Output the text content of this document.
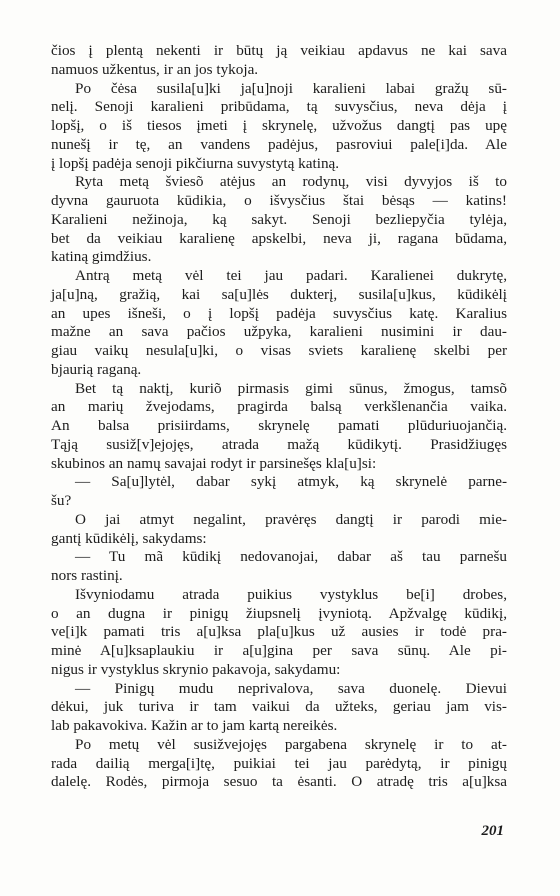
čios į plentą nekenti ir būtų ją veikiau apdavus ne kai sava
namuos užkentus, ir an jos tykoja.
Po čėsa susila[u]ki ja[u]noji karalieni labai gražų sū-
nelį. Senoji karalieni pribūdama, tą suvysčius, neva dėja į
lopšį, o iš tiesos įmeti į skrynelę, užvožus dangtį pas upę
nunešį ir tę, an vandens padėjus, pasroviui pale[i]da. Ale
į lopšį padėja senoji pikčiurna suvystytą katiną.
Ryta metą šviesõ atėjus an rodynų, visi dyvyjos iš to
dyvna gauruota kūdikia, o išvysčius štai bėsąs — katins!
Karalieni nežinoja, ką sakyt. Senoji bezliepyčia tylėja,
bet da veikiau karalienę apskelbi, neva ji, ragana būdama,
katiną gimdžius.
Antrą metą vėl tei jau padari. Karalienei dukrytę,
ja[u]ną, gražią, kai sa[u]lės dukterį, susila[u]kus, kūdikėlį
an upes išneši, o į lopšį padėja suvysčius katę. Karalius
mažne an sava pačios užpyka, karalieni nusimini ir dau-
giau vaikų nesula[u]ki, o visas sviets karalienę skelbi per
bjaurią raganą.
Bet tą naktį, kuriõ pirmasis gimi sūnus, žmogus, tamsõ
an marių žvejodams, pragirda balsą verkšlenančia vaika.
An balsa prisiirdams, skrynelę pamati plūduriuojančią.
Tąją susiž[v]ejojęs, atrada mažą kūdikytį. Prasidžiugęs
skubinos an namų savajai rodyt ir parsinešęs kla[u]si:
— Sa[u]lytėl, dabar sykį atmyk, ką skrynelė parne-
šu?
O jai atmyt negalint, pravėręs dangtį ir parodi mie-
gantį kūdikėlį, sakydams:
— Tu mã kūdikį nedovanojai, dabar aš tau parnešu
nors rastinį.
Išvyniodamu atrada puikius vystyklus be[i] drobes,
o an dugna ir pinigų žiupsnelį įvyniotą. Apžvalgę kūdikį,
ve[i]k pamati tris a[u]ksa pla[u]kus už ausies ir todė pra-
minė A[u]ksaplaukiu ir a[u]gina per sava sūnų. Ale pi-
nigus ir vystyklus skrynio pakavoja, sakydamu:
— Pinigų mudu neprivalova, sava duonelę. Dievui
dėkui, juk turiva ir tam vaikui da užteks, geriau jam vis-
lab pakavokiva. Kažin ar to jam kartą nereikės.
Po metų vėl susižvejojęs pargabena skrynelę ir to at-
rada dailią merga[i]tę, puikiai tei jau parėdytą, ir pinigų
dalelę. Rodės, pirmoja sesuo ta ėsanti. O atradę tris a[u]ksa
201
